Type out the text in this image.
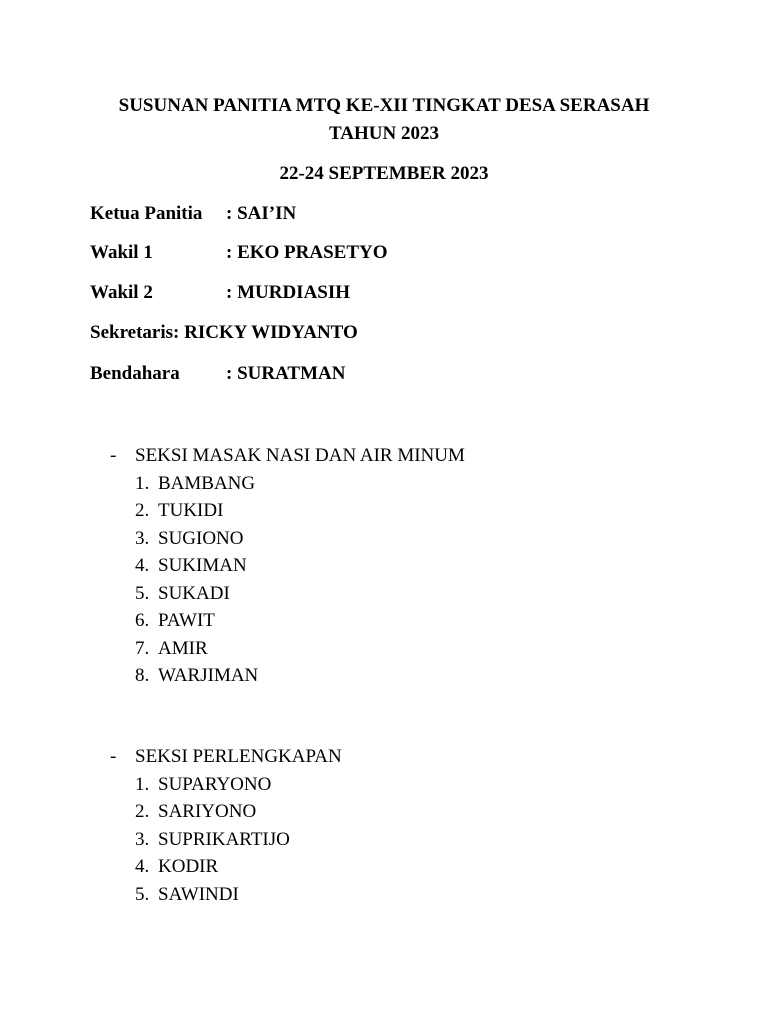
SUSUNAN PANITIA MTQ KE-XII TINGKAT DESA SERASAH
TAHUN 2023
22-24 SEPTEMBER 2023
Ketua Panitia : SAI’IN
Wakil 1	: EKO PRASETYO
Wakil 2	: MURDIASIH
Sekretaris: RICKY WIDYANTO
Bendahara : SURATMAN
- SEKSI MASAK NASI DAN AIR MINUM
1. BAMBANG
2. TUKIDI
3. SUGIONO
4. SUKIMAN
5. SUKADI
6. PAWIT
7. AMIR
8. WARJIMAN
- SEKSI PERLENGKAPAN
1. SUPARYONO
2. SARIYONO
3. SUPRIKARTIJO
4. KODIR
5. SAWINDI
